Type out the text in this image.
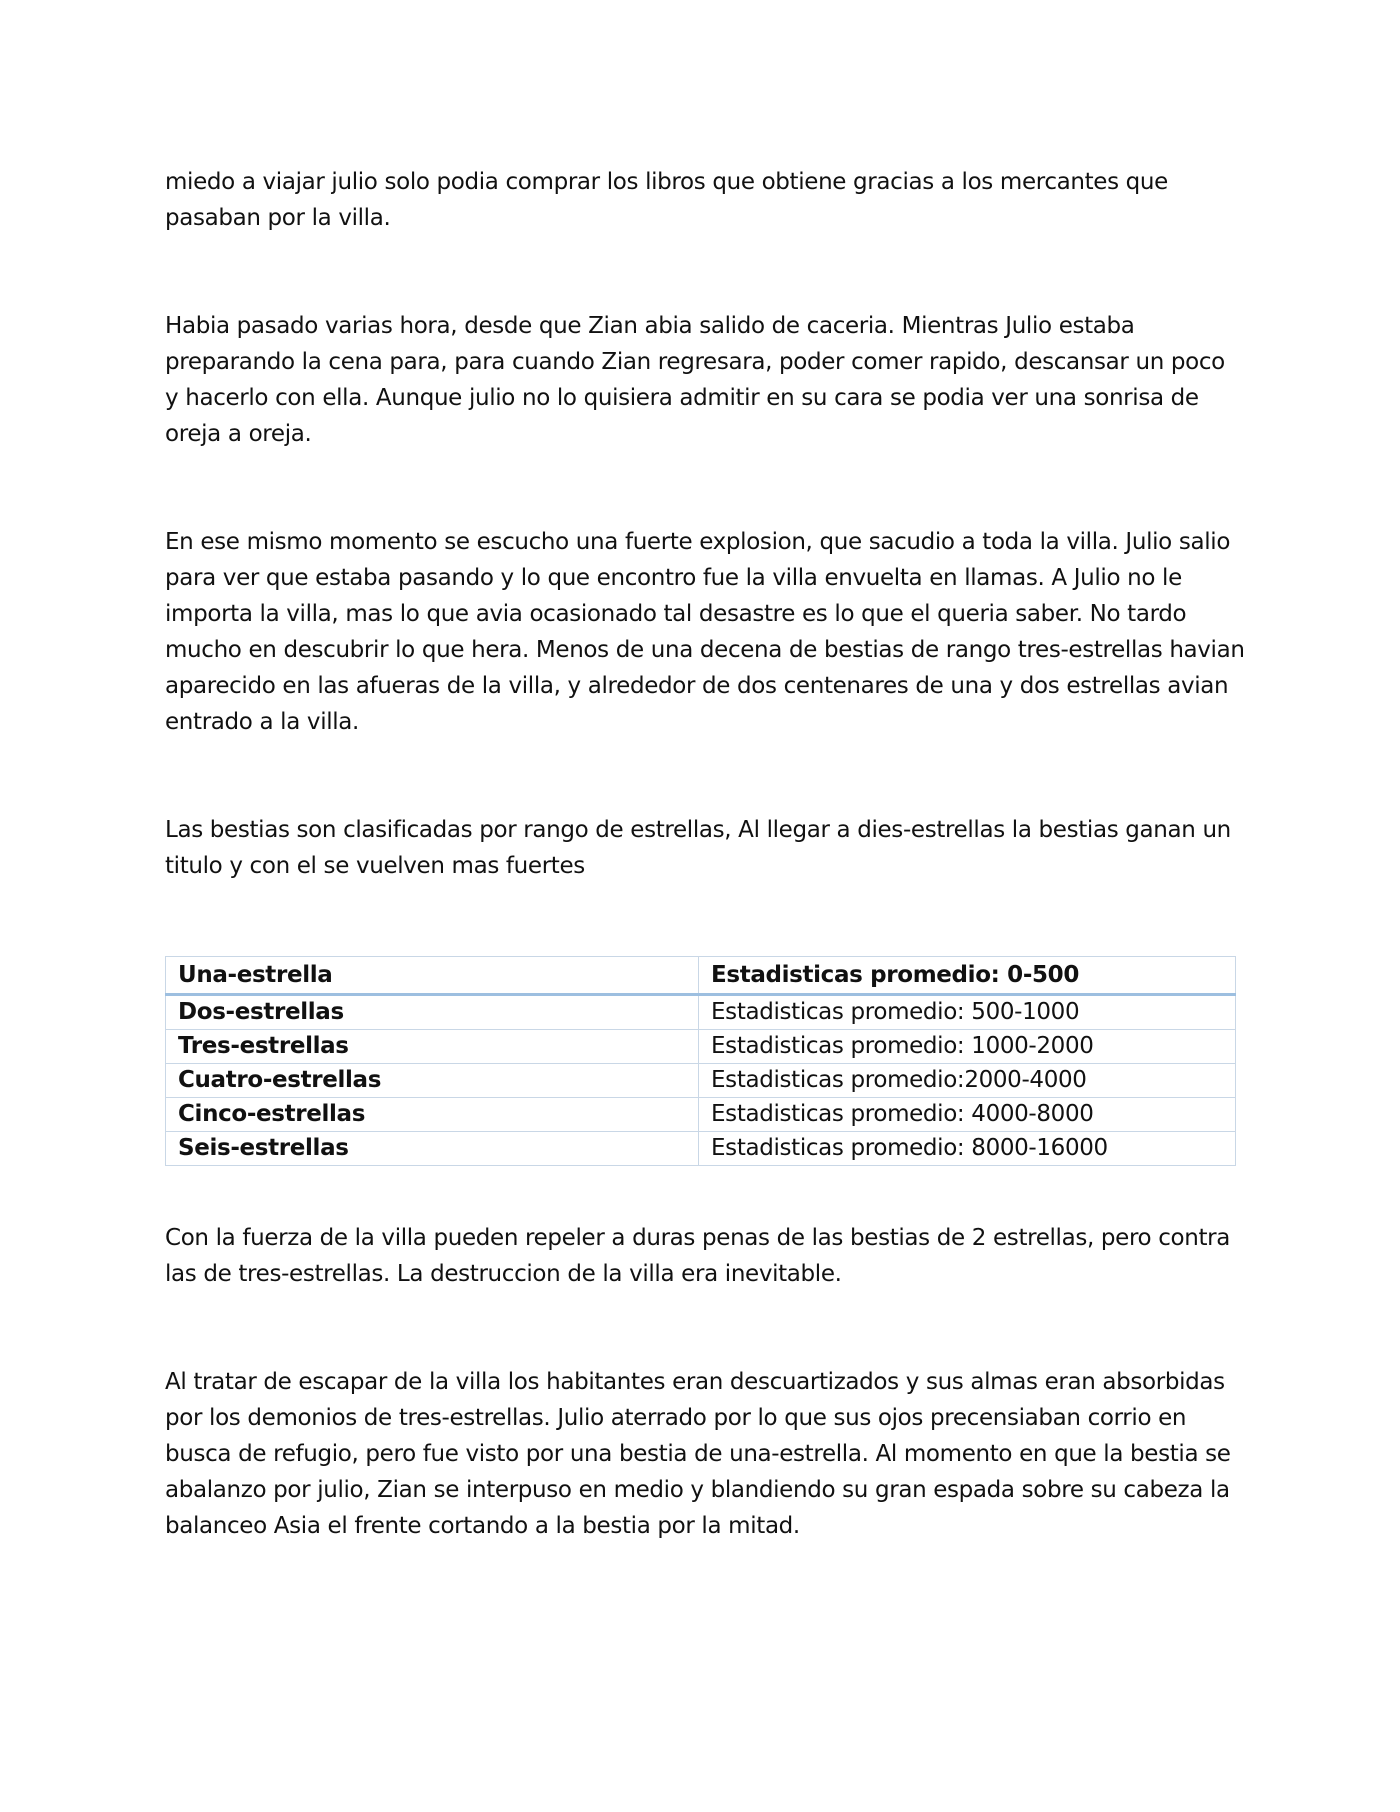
miedo a viajar julio solo podia comprar los libros que obtiene gracias a los mercantes que pasaban por la villa.

Habia pasado varias hora, desde que Zian abia salido de caceria. Mientras Julio estaba preparando la cena para, para cuando Zian regresara, poder comer rapido, descansar un poco y hacerlo con ella. Aunque julio no lo quisiera admitir en su cara se podia ver una sonrisa de oreja a oreja.

En ese mismo momento se escucho una fuerte explosion, que sacudio a toda la villa. Julio salio para ver que estaba pasando y lo que encontro fue la villa envuelta en llamas. A Julio no le importa la villa, mas lo que avia ocasionado tal desastre es lo que el queria saber. No tardo mucho en descubrir lo que hera. Menos de una decena de bestias de rango tres-estrellas havian aparecido en las afueras de la villa, y alrededor de dos centenares de una y dos estrellas avian entrado a la villa.

Las bestias son clasificadas por rango de estrellas, Al llegar a dies-estrellas la bestias ganan un titulo y con el se vuelven mas fuertes

Una-estrella	Estadisticas promedio: 0-500
Dos-estrellas	Estadisticas promedio: 500-1000
Tres-estrellas	Estadisticas promedio: 1000-2000
Cuatro-estrellas	Estadisticas promedio:2000-4000
Cinco-estrellas	Estadisticas promedio: 4000-8000
Seis-estrellas	Estadisticas promedio: 8000-16000

Con la fuerza de la villa pueden repeler a duras penas de las bestias de 2 estrellas, pero contra las de tres-estrellas. La destruccion de la villa era inevitable.

Al tratar de escapar de la villa los habitantes eran descuartizados y sus almas eran absorbidas por los demonios de tres-estrellas. Julio aterrado por lo que sus ojos precensiaban corrio en busca de refugio, pero fue visto por una bestia de una-estrella. Al momento en que la bestia se abalanzo por julio, Zian se interpuso en medio y blandiendo su gran espada sobre su cabeza la balanceo Asia el frente cortando a la bestia por la mitad.
